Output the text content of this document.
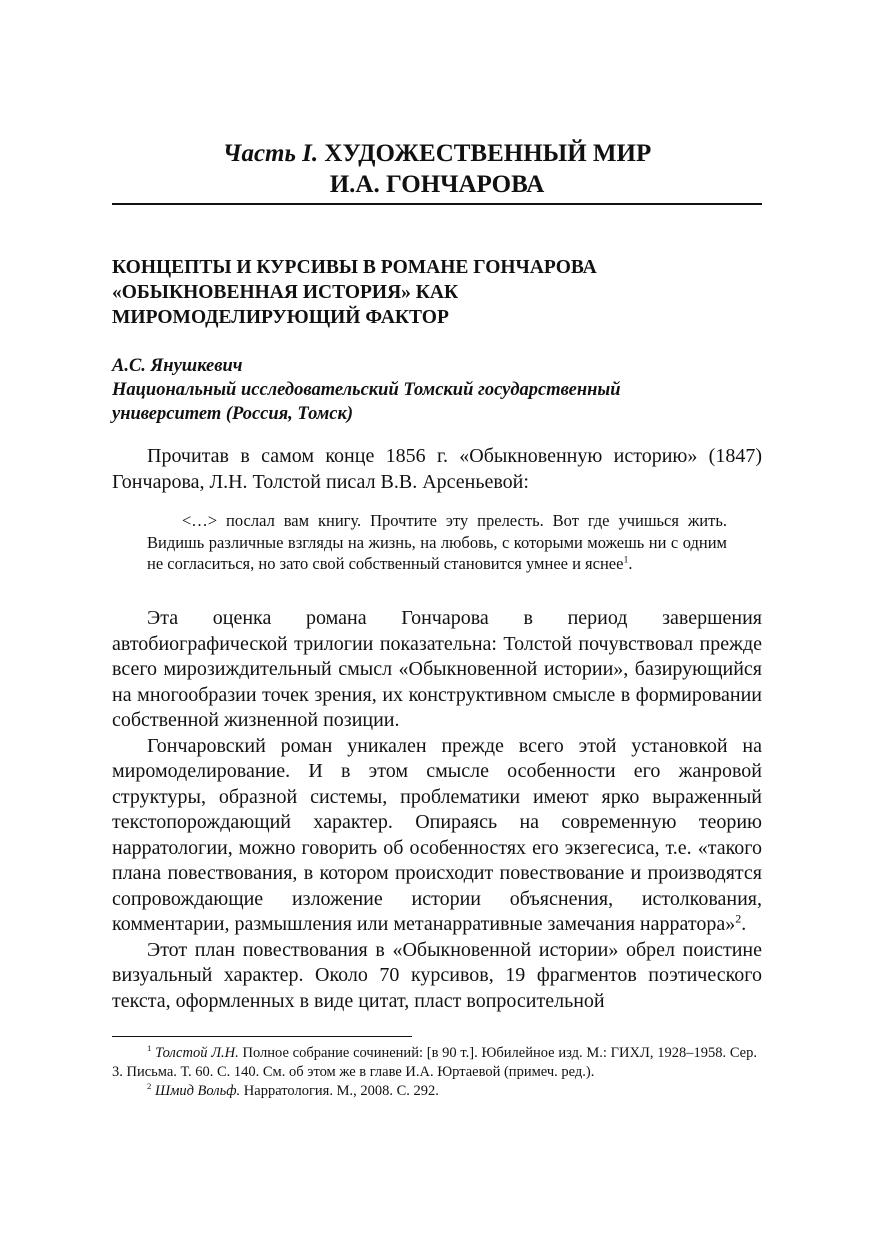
Часть I. ХУДОЖЕСТВЕННЫЙ МИР
И.А. ГОНЧАРОВА
КОНЦЕПТЫ И КУРСИВЫ В РОМАНЕ ГОНЧАРОВА
«ОБЫКНОВЕННАЯ ИСТОРИЯ» КАК
МИРОМОДЕЛИРУЮЩИЙ ФАКТОР
А.С. Янушкевич
Национальный исследовательский Томский государственный
университет (Россия, Томск)

Прочитав в самом конце 1856 г. «Обыкновенную историю» (1847) Гончарова, Л.Н. Толстой писал В.В. Арсеньевой:

<…> послал вам книгу. Прочтите эту прелесть. Вот где учишься жить. Видишь различные взгляды на жизнь, на любовь, с которыми можешь ни с одним не согласиться, но зато свой собственный становится умнее и яснее$^1$.

Эта оценка романа Гончарова в период завершения автобиографической трилогии показательна: Толстой почувствовал прежде всего мирозиждительный смысл «Обыкновенной истории», базирующийся на многообразии точек зрения, их конструктивном смысле в формировании собственной жизненной позиции.

Гончаровский роман уникален прежде всего этой установкой на миромоделирование. И в этом смысле особенности его жанровой структуры, образной системы, проблематики имеют ярко выраженный текстопорождающий характер. Опираясь на современную теорию нарратологии, можно говорить об особенностях его экзегесиса, т.е. «такого плана повествования, в котором происходит повествование и производятся сопровождающие изложение истории объяснения, истолкования, комментарии, размышления или метанарративные замечания нарратора»$^2$.

Этот план повествования в «Обыкновенной истории» обрел поистине визуальный характер. Около 70 курсивов, 19 фрагментов поэтического текста, оформленных в виде цитат, пласт вопросительной

$^1$ Толстой Л.Н. Полное собрание сочинений: [в 90 т.]. Юбилейное изд. М.: ГИХЛ, 1928–1958. Сер. 3. Письма. Т. 60. С. 140. См. об этом же в главе И.А. Юртаевой (примеч. ред.).

$^2$ Шмид Вольф. Нарратология. М., 2008. С. 292.
